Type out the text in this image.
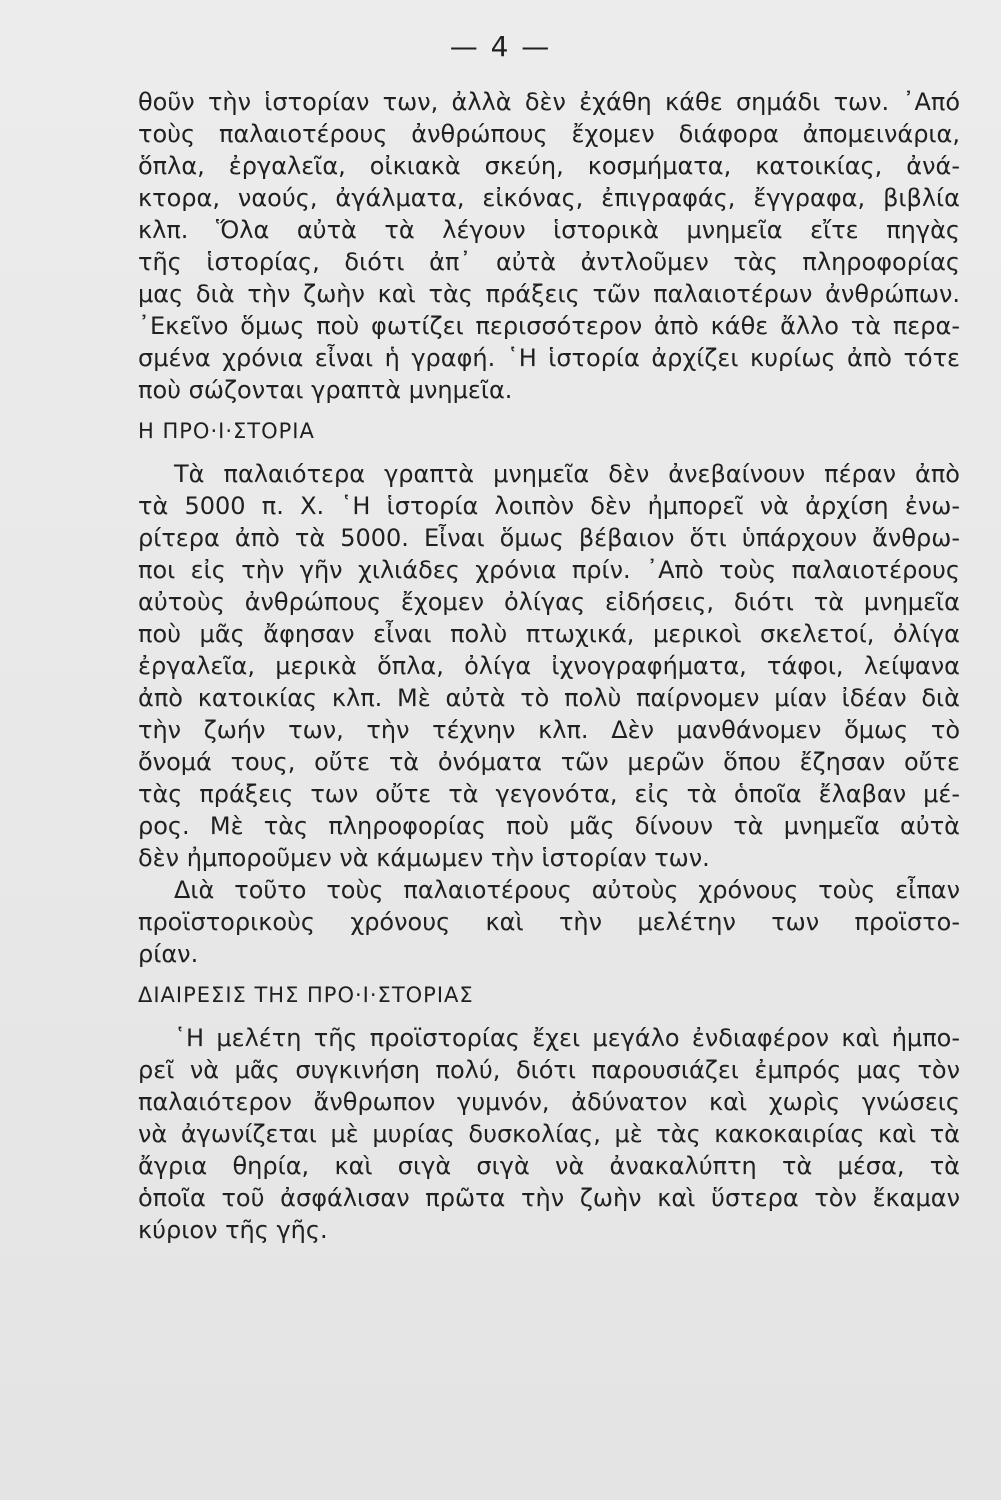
— 4 —
θοῦν τὴν ἱστορίαν των, ἀλλὰ δὲν ἐχάθη κάθε σημάδι των. ᾿Από
τοὺς παλαιοτέρους ἀνθρώπους ἔχομεν διάφορα ἀπομεινάρια,
ὅπλα, ἐργαλεῖα, οἰκιακὰ σκεύη, κοσμήματα, κατοικίας, ἀνά-
κτορα, ναούς, ἀγάλματα, εἰκόνας, ἐπιγραφάς, ἔγγραφα, βιβλία
κλπ. Ὅλα αὐτὰ τὰ λέγουν ἱστορικὰ μνημεῖα εἴτε πηγὰς
τῆς ἱστορίας, διότι ἀπ᾿ αὐτὰ ἀντλοῦμεν τὰς πληροφορίας
μας διὰ τὴν ζωὴν καὶ τὰς πράξεις τῶν παλαιοτέρων ἀνθρώπων.
᾿Εκεῖνο ὅμως ποὺ φωτίζει περισσότερον ἀπὸ κάθε ἄλλο τὰ περα-
σμένα χρόνια εἶναι ἡ γραφή. ῾Η ἱστορία ἀρχίζει κυρίως ἀπὸ τότε
ποὺ σώζονται γραπτὰ μνημεῖα.
Η ΠΡΟ·Ι·ΣΤΟΡΙΑ
Τὰ παλαιότερα γραπτὰ μνημεῖα δὲν ἀνεβαίνουν πέραν ἀπὸ
τὰ 5000 π. Χ. ῾Η ἱστορία λοιπὸν δὲν ἠμπορεῖ νὰ ἀρχίση ἐνω-
ρίτερα ἀπὸ τὰ 5000. Εἶναι ὅμως βέβαιον ὅτι ὑπάρχουν ἄνθρω-
ποι εἰς τὴν γῆν χιλιάδες χρόνια πρίν. ᾿Απὸ τοὺς παλαιοτέρους
αὐτοὺς ἀνθρώπους ἔχομεν ὀλίγας εἰδήσεις, διότι τὰ μνημεῖα
ποὺ μᾶς ἄφησαν εἶναι πολὺ πτωχικά, μερικοὶ σκελετοί, ὀλίγα
ἐργαλεῖα, μερικὰ ὅπλα, ὀλίγα ἰχνογραφήματα, τάφοι, λείψανα
ἀπὸ κατοικίας κλπ. Μὲ αὐτὰ τὸ πολὺ παίρνομεν μίαν ἰδέαν διὰ
τὴν ζωήν των, τὴν τέχνην κλπ. Δὲν μανθάνομεν ὅμως τὸ
ὄνομά τους, οὔτε τὰ ὀνόματα τῶν μερῶν ὅπου ἔζησαν οὔτε
τὰς πράξεις των οὔτε τὰ γεγονότα, εἰς τὰ ὁποῖα ἔλαβαν μέ-
ρος. Μὲ τὰς πληροφορίας ποὺ μᾶς δίνουν τὰ μνημεῖα αὐτὰ
δὲν ἠμποροῦμεν νὰ κάμωμεν τὴν ἱστορίαν των.
Διὰ τοῦτο τοὺς παλαιοτέρους αὐτοὺς χρόνους τοὺς εἶπαν
προϊστορικοὺς χρόνους καὶ τὴν μελέτην των προϊστο-
ρίαν.
ΔΙΑΙΡΕΣΙΣ ΤΗΣ ΠΡΟ·Ι·ΣΤΟΡΙΑΣ
῾Η μελέτη τῆς προϊστορίας ἔχει μεγάλο ἐνδιαφέρον καὶ ἠμπο-
ρεῖ νὰ μᾶς συγκινήση πολύ, διότι παρουσιάζει ἐμπρός μας τὸν
παλαιότερον ἄνθρωπον γυμνόν, ἀδύνατον καὶ χωρὶς γνώσεις
νὰ ἀγωνίζεται μὲ μυρίας δυσκολίας, μὲ τὰς κακοκαιρίας καὶ τὰ
ἄγρια θηρία, καὶ σιγὰ σιγὰ νὰ ἀνακαλύπτη τὰ μέσα, τὰ
ὁποῖα τοῦ ἀσφάλισαν πρῶτα τὴν ζωὴν καὶ ὕστερα τὸν ἔκαμαν
κύριον τῆς γῆς.
